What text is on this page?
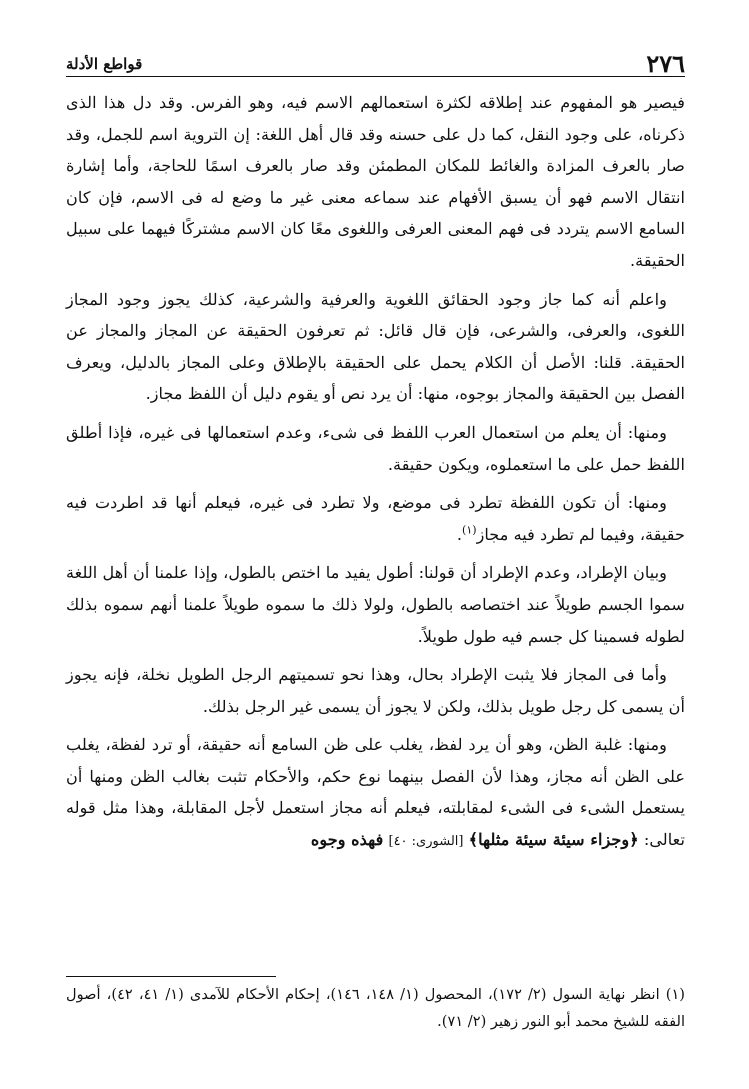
٢٧٦
قواطع الأدلة

فيصير هو المفهوم عند إطلاقه لكثرة استعمالهم الاسم فيه، وهو الفرس. وقد دل هذا الذى ذكرناه، على وجود النقل، كما دل على حسنه وقد قال أهل اللغة: إن التروية اسم للجمل، وقد صار بالعرف المزادة والغائط للمكان المطمئن وقد صار بالعرف اسمًا للحاجة، وأما إشارة انتقال الاسم فهو أن يسبق الأفهام عند سماعه معنى غير ما وضع له فى الاسم، فإن كان السامع الاسم يتردد فى فهم المعنى العرفى واللغوى معًا كان الاسم مشتركًا فيهما على سبيل الحقيقة.

واعلم أنه كما جاز وجود الحقائق اللغوية والعرفية والشرعية، كذلك يجوز وجود المجاز اللغوى، والعرفى، والشرعى، فإن قال قائل: ثم تعرفون الحقيقة عن المجاز والمجاز عن الحقيقة. قلنا: الأصل أن الكلام يحمل على الحقيقة بالإطلاق وعلى المجاز بالدليل، ويعرف الفصل بين الحقيقة والمجاز بوجوه، منها: أن يرد نص أو يقوم دليل أن اللفظ مجاز.

ومنها: أن يعلم من استعمال العرب اللفظ فى شىء، وعدم استعمالها فى غيره، فإذا أطلق اللفظ حمل على ما استعملوه، ويكون حقيقة.

ومنها: أن تكون اللفظة تطرد فى موضع، ولا تطرد فى غيره، فيعلم أنها قد اطردت فيه حقيقة، وفيما لم تطرد فيه مجاز$^{(١)}$.

وبيان الإطراد، وعدم الإطراد أن قولنا: أطول يفيد ما اختص بالطول، وإذا علمنا أن أهل اللغة سموا الجسم طويلاً عند اختصاصه بالطول، ولولا ذلك ما سموه طويلاً علمنا أنهم سموه بذلك لطوله فسمينا كل جسم فيه طول طويلاً.

وأما فى المجاز فلا يثبت الإطراد بحال، وهذا نحو تسميتهم الرجل الطويل نخلة، فإنه يجوز أن يسمى كل رجل طويل بذلك، ولكن لا يجوز أن يسمى غير الرجل بذلك.

ومنها: غلبة الظن، وهو أن يرد لفظ، يغلب على ظن السامع أنه حقيقة، أو ترد لفظة، يغلب على الظن أنه مجاز، وهذا لأن الفصل بينهما نوع حكم، والأحكام تثبت بغالب الظن ومنها أن يستعمل الشىء فى الشىء لمقابلته، فيعلم أنه مجاز استعمل لأجل المقابلة، وهذا مثل قوله تعالى: ﴿وجزاء سيئة سيئة مثلها﴾ [الشورى: ٤٠] فهذه وجوه

(١) انظر نهاية السول (٢/ ١٧٢)، المحصول (١/ ١٤٨، ١٤٦)، إحكام الأحكام للآمدى (١/ ٤١، ٤٢)، أصول الفقه للشيخ محمد أبو النور زهير (٢/ ٧١).
